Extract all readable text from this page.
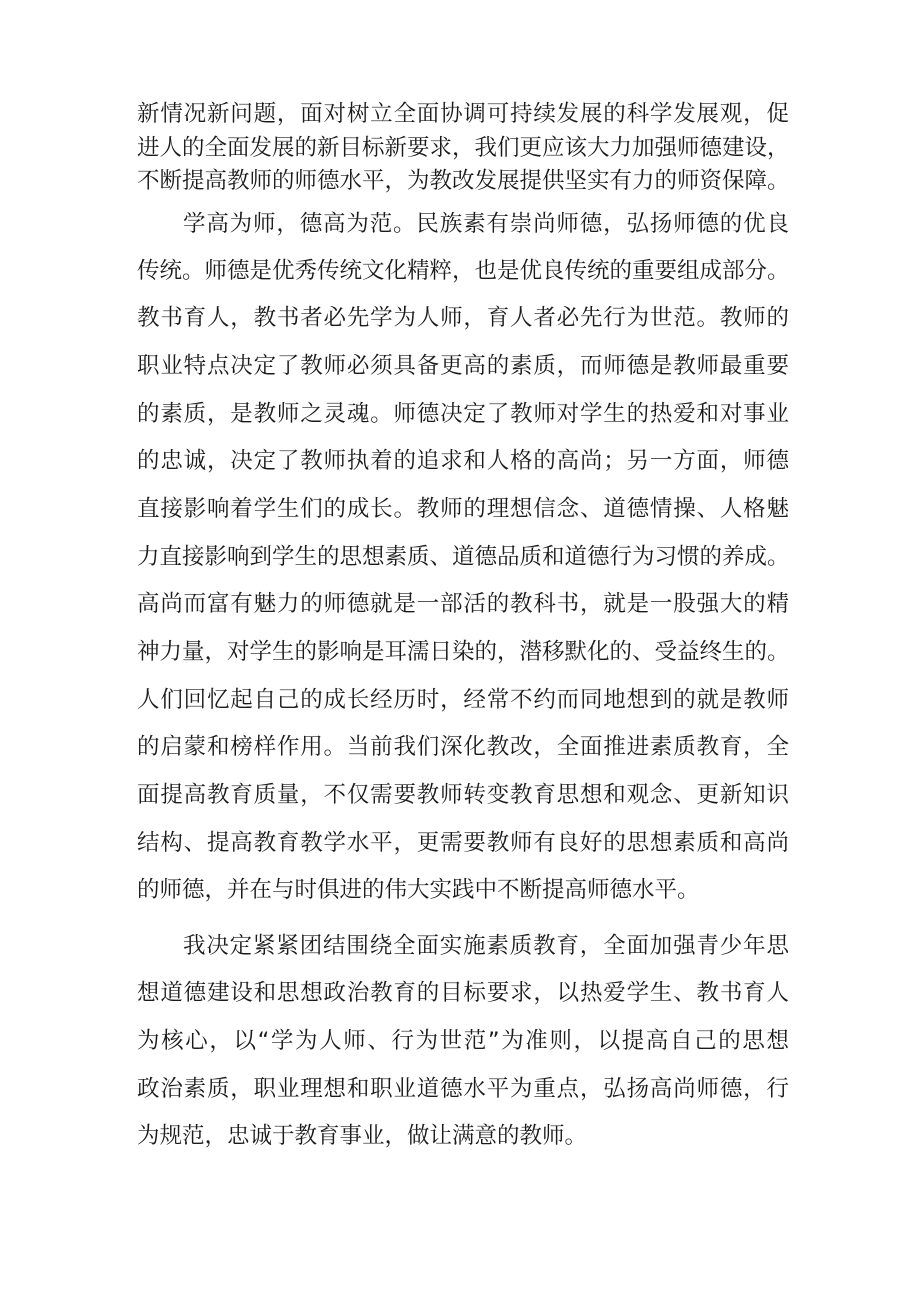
新情况新问题，面对树立全面协调可持续发展的科学发展观，促

进人的全面发展的新目标新要求，我们更应该大力加强师德建设，

不断提高教师的师德水平，为教改发展提供坚实有力的师资保障。

学高为师，德高为范。民族素有崇尚师德，弘扬师德的优良

传统。师德是优秀传统文化精粹，也是优良传统的重要组成部分。

教书育人，教书者必先学为人师，育人者必先行为世范。教师的

职业特点决定了教师必须具备更高的素质，而师德是教师最重要

的素质，是教师之灵魂。师德决定了教师对学生的热爱和对事业

的忠诚，决定了教师执着的追求和人格的高尚；另一方面，师德

直接影响着学生们的成长。教师的理想信念、道德情操、人格魅

力直接影响到学生的思想素质、道德品质和道德行为习惯的养成。

高尚而富有魅力的师德就是一部活的教科书，就是一股强大的精

神力量，对学生的影响是耳濡日染的，潜移默化的、受益终生的。

人们回忆起自己的成长经历时，经常不约而同地想到的就是教师

的启蒙和榜样作用。当前我们深化教改，全面推进素质教育，全

面提高教育质量，不仅需要教师转变教育思想和观念、更新知识

结构、提高教育教学水平，更需要教师有良好的思想素质和高尚

的师德，并在与时俱进的伟大实践中不断提高师德水平。

我决定紧紧团结围绕全面实施素质教育，全面加强青少年思

想道德建设和思想政治教育的目标要求，以热爱学生、教书育人

为核心，以“学为人师、行为世范”为准则，以提高自己的思想

政治素质，职业理想和职业道德水平为重点，弘扬高尚师德，行

为规范，忠诚于教育事业，做让满意的教师。
